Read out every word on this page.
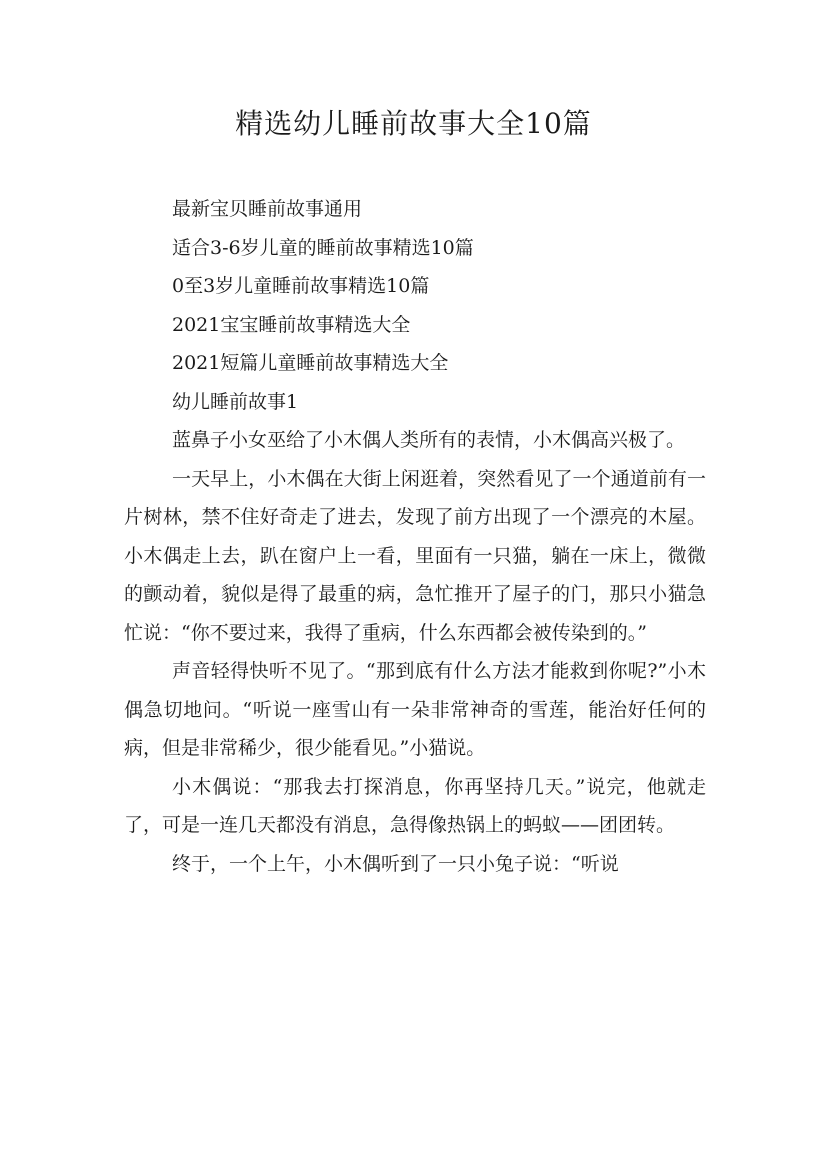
精选幼儿睡前故事大全10篇

最新宝贝睡前故事通用

适合3-6岁儿童的睡前故事精选10篇

0至3岁儿童睡前故事精选10篇

2021宝宝睡前故事精选大全

2021短篇儿童睡前故事精选大全

幼儿睡前故事1

蓝鼻子小女巫给了小木偶人类所有的表情，小木偶高兴极了。

一天早上，小木偶在大街上闲逛着，突然看见了一个通道前有一片树林，禁不住好奇走了进去，发现了前方出现了一个漂亮的木屋。小木偶走上去，趴在窗户上一看，里面有一只猫，躺在一床上，微微的颤动着，貌似是得了最重的病，急忙推开了屋子的门，那只小猫急忙说：“你不要过来，我得了重病，什么东西都会被传染到的。”

声音轻得快听不见了。“那到底有什么方法才能救到你呢?”小木偶急切地问。“听说一座雪山有一朵非常神奇的雪莲，能治好任何的病，但是非常稀少，很少能看见。”小猫说。

小木偶说：“那我去打探消息，你再坚持几天。”说完，他就走了，可是一连几天都没有消息，急得像热锅上的蚂蚁——团团转。

终于，一个上午，小木偶听到了一只小兔子说：“听说
